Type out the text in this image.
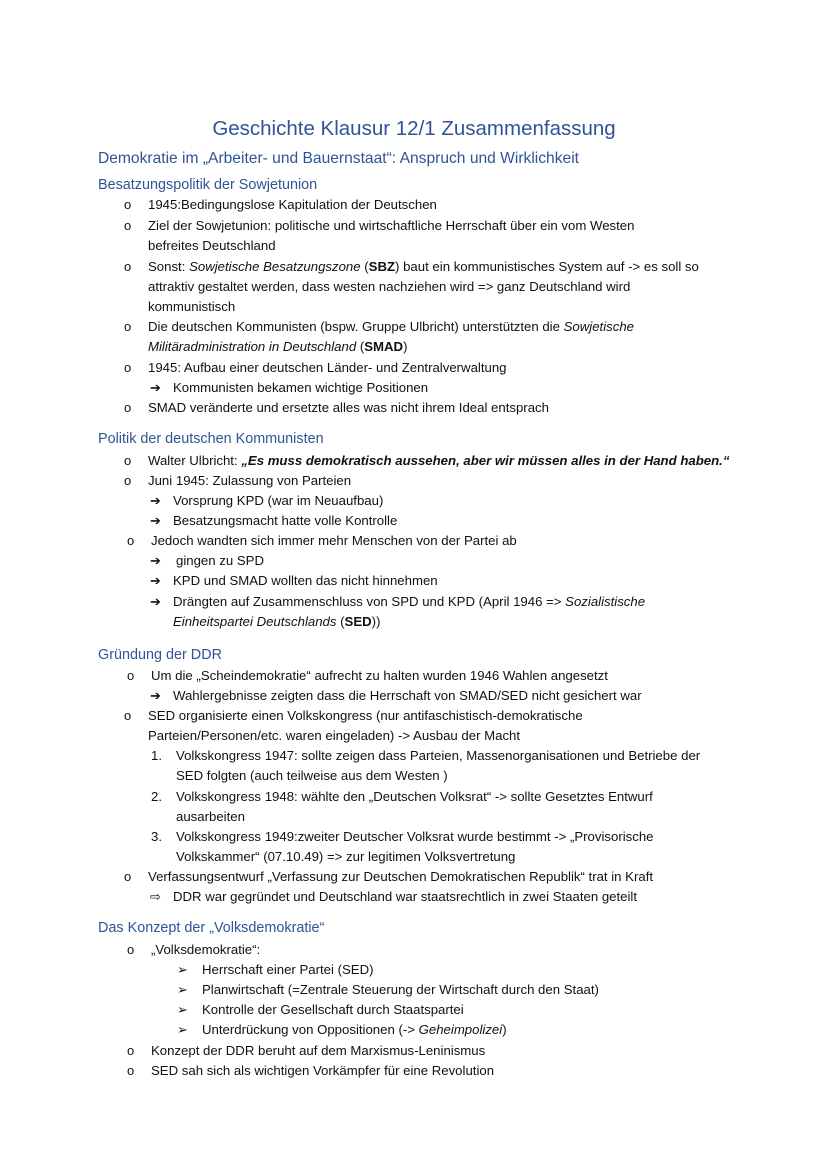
Geschichte Klausur 12/1 Zusammenfassung
Demokratie im „Arbeiter- und Bauernstaat“: Anspruch und Wirklichkeit
Besatzungspolitik der Sowjetunion
o 1945:Bedingungslose Kapitulation der Deutschen
o Ziel der Sowjetunion: politische und wirtschaftliche Herrschaft über ein vom Westen
befreites Deutschland
o Sonst: Sowjetische Besatzungszone (SBZ) baut ein kommunistisches System auf -> es soll so
attraktiv gestaltet werden, dass westen nachziehen wird => ganz Deutschland wird
kommunistisch
o Die deutschen Kommunisten (bspw. Gruppe Ulbricht) unterstützten die Sowjetische
Militäradministration in Deutschland (SMAD)
o 1945: Aufbau einer deutschen Länder- und Zentralverwaltung
➔ Kommunisten bekamen wichtige Positionen
o SMAD veränderte und ersetzte alles was nicht ihrem Ideal entsprach
Politik der deutschen Kommunisten
o Walter Ulbricht: „Es muss demokratisch aussehen, aber wir müssen alles in der Hand haben.“
o Juni 1945: Zulassung von Parteien
➔ Vorsprung KPD (war im Neuaufbau)
➔ Besatzungsmacht hatte volle Kontrolle
o Jedoch wandten sich immer mehr Menschen von der Partei ab
➔ gingen zu SPD
➔ KPD und SMAD wollten das nicht hinnehmen
➔ Drängten auf Zusammenschluss von SPD und KPD (April 1946 => Sozialistische
Einheitspartei Deutschlands (SED))
Gründung der DDR
o Um die „Scheindemokratie“ aufrecht zu halten wurden 1946 Wahlen angesetzt
➔ Wahlergebnisse zeigten dass die Herrschaft von SMAD/SED nicht gesichert war
o SED organisierte einen Volkskongress (nur antifaschistisch-demokratische
Parteien/Personen/etc. waren eingeladen) -> Ausbau der Macht
1. Volkskongress 1947: sollte zeigen dass Parteien, Massenorganisationen und Betriebe der
SED folgten (auch teilweise aus dem Westen )
2. Volkskongress 1948: wählte den „Deutschen Volksrat“ -> sollte Gesetztes Entwurf
ausarbeiten
3. Volkskongress 1949:zweiter Deutscher Volksrat wurde bestimmt -> „Provisorische
Volkskammer“ (07.10.49) => zur legitimen Volksvertretung
o Verfassungsentwurf „Verfassung zur Deutschen Demokratischen Republik“ trat in Kraft
⇨ DDR war gegründet und Deutschland war staatsrechtlich in zwei Staaten geteilt
Das Konzept der „Volksdemokratie“
o „Volksdemokratie“:
➢ Herrschaft einer Partei (SED)
➢ Planwirtschaft (=Zentrale Steuerung der Wirtschaft durch den Staat)
➢ Kontrolle der Gesellschaft durch Staatspartei
➢ Unterdrückung von Oppositionen (-> Geheimpolizei)
o Konzept der DDR beruht auf dem Marxismus-Leninismus
o SED sah sich als wichtigen Vorkämpfer für eine Revolution
